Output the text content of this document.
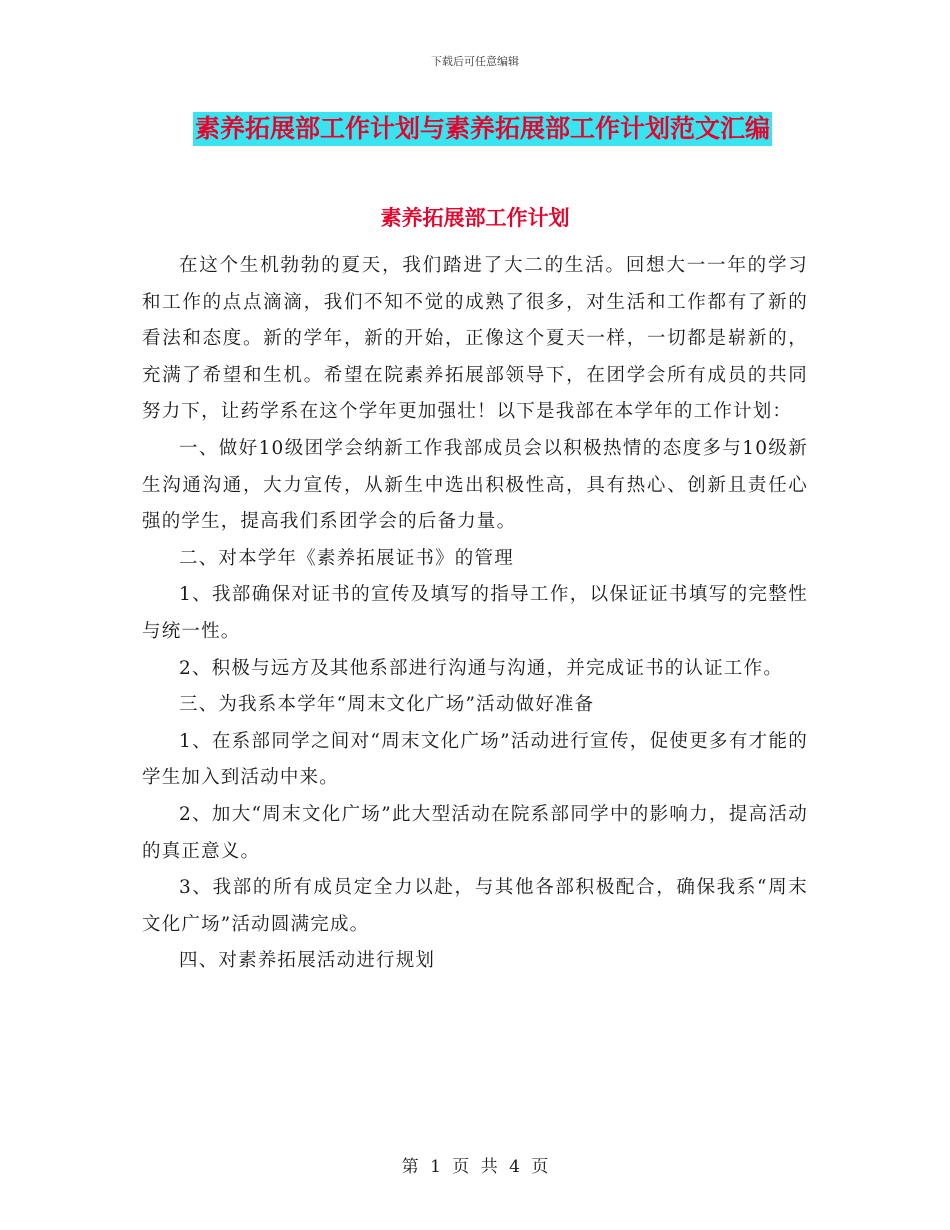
下载后可任意编辑
素养拓展部工作计划与素养拓展部工作计划范文汇编
素养拓展部工作计划

在这个生机勃勃的夏天，我们踏进了大二的生活。回想大一一年的学习和工作的点点滴滴，我们不知不觉的成熟了很多，对生活和工作都有了新的看法和态度。新的学年，新的开始，正像这个夏天一样，一切都是崭新的，充满了希望和生机。希望在院素养拓展部领导下，在团学会所有成员的共同努力下，让药学系在这个学年更加强壮！以下是我部在本学年的工作计划：

一、做好10级团学会纳新工作我部成员会以积极热情的态度多与10级新生沟通沟通，大力宣传，从新生中选出积极性高，具有热心、创新且责任心强的学生，提高我们系团学会的后备力量。

二、对本学年《素养拓展证书》的管理

1、我部确保对证书的宣传及填写的指导工作，以保证证书填写的完整性与统一性。

2、积极与远方及其他系部进行沟通与沟通，并完成证书的认证工作。

三、为我系本学年“周末文化广场”活动做好准备

1、在系部同学之间对“周末文化广场”活动进行宣传，促使更多有才能的学生加入到活动中来。

2、加大“周末文化广场”此大型活动在院系部同学中的影响力，提高活动的真正意义。

3、我部的所有成员定全力以赴，与其他各部积极配合，确保我系“周末文化广场”活动圆满完成。

四、对素养拓展活动进行规划

第 1 页 共 4 页
